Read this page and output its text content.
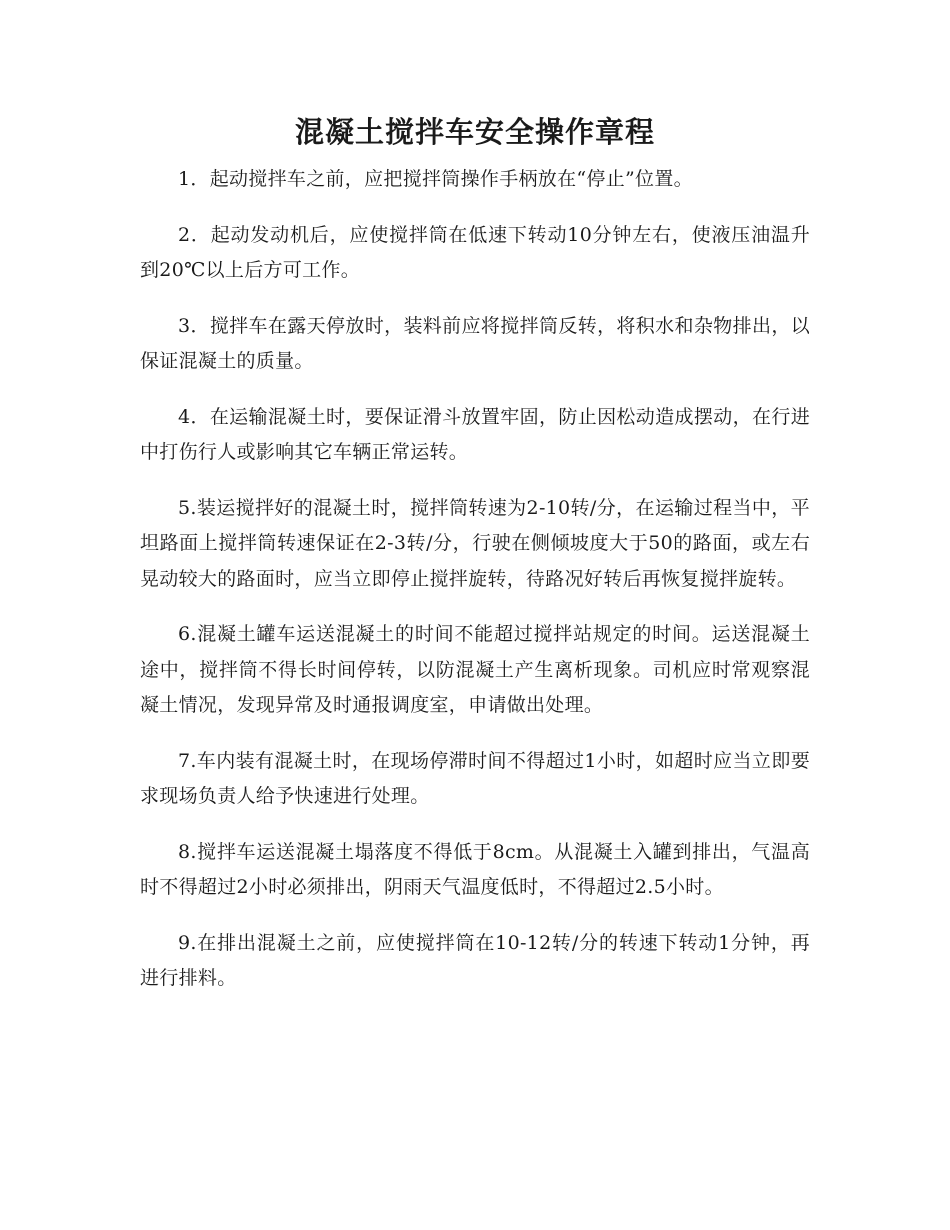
混凝土搅拌车安全操作章程

1．起动搅拌车之前，应把搅拌筒操作手柄放在“停止”位置。

2．起动发动机后，应使搅拌筒在低速下转动10分钟左右，使液压油温升到20℃以上后方可工作。

3．搅拌车在露天停放时，装料前应将搅拌筒反转，将积水和杂物排出，以保证混凝土的质量。

4．在运输混凝土时，要保证滑斗放置牢固，防止因松动造成摆动，在行进中打伤行人或影响其它车辆正常运转。

5.装运搅拌好的混凝土时，搅拌筒转速为2-10转/分，在运输过程当中，平坦路面上搅拌筒转速保证在2-3转/分，行驶在侧倾坡度大于50的路面，或左右晃动较大的路面时，应当立即停止搅拌旋转，待路况好转后再恢复搅拌旋转。

6.混凝土罐车运送混凝土的时间不能超过搅拌站规定的时间。运送混凝土途中，搅拌筒不得长时间停转，以防混凝土产生离析现象。司机应时常观察混凝土情况，发现异常及时通报调度室，申请做出处理。

7.车内装有混凝土时，在现场停滞时间不得超过1小时，如超时应当立即要求现场负责人给予快速进行处理。

8.搅拌车运送混凝土塌落度不得低于8cm。从混凝土入罐到排出，气温高时不得超过2小时必须排出，阴雨天气温度低时，不得超过2.5小时。

9.在排出混凝土之前，应使搅拌筒在10-12转/分的转速下转动1分钟，再进行排料。
